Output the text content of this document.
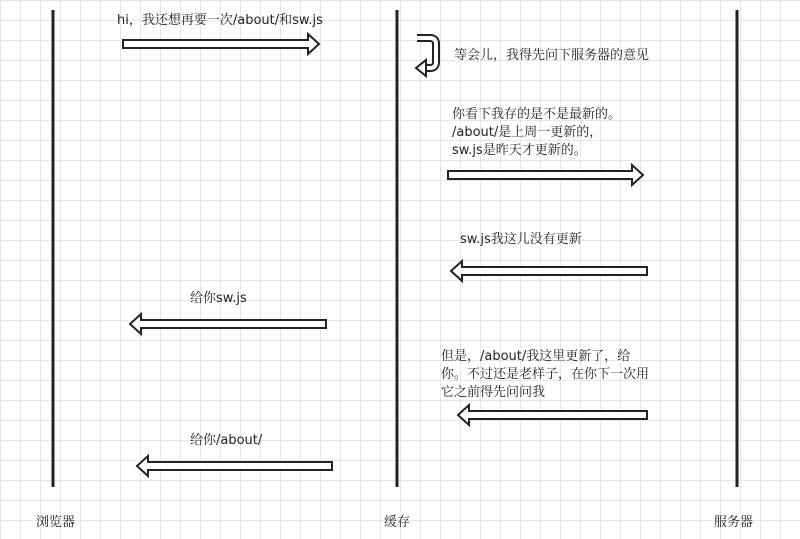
hi，我还想再要一次/about/和sw.js
等会儿，我得先问下服务器的意见
你看下我存的是不是最新的。
/about/是上周一更新的，
sw.js是昨天才更新的。
sw.js我这儿没有更新
给你sw.js
但是，/about/我这里更新了，给
你。不过还是老样子，在你下一次用
它之前得先问问我
给你/about/
浏览器	缓存	服务器
